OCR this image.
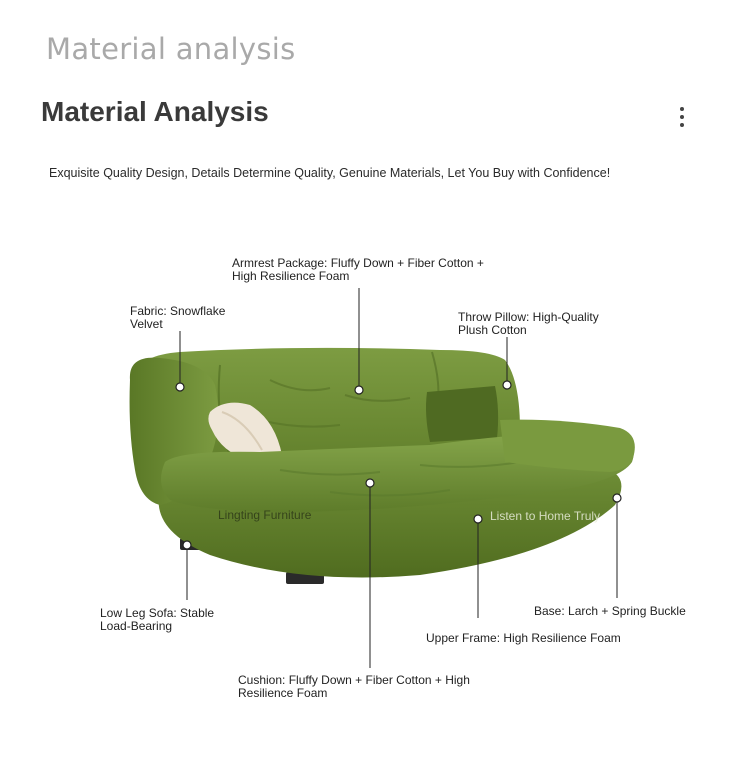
Material analysis
Material Analysis
Exquisite Quality Design, Details Determine Quality, Genuine Materials, Let You Buy with Confidence!
Lingting Furniture	Listen to Home Truly
Armrest Package: Fluffy Down + Fiber Cotton +
High Resilience Foam
Fabric: Snowflake
Velvet	Throw Pillow: High-Quality
Plush Cotton
Low Leg Sofa: Stable
Load-Bearing
Base: Larch + Spring Buckle
Upper Frame: High Resilience Foam
Cushion: Fluffy Down + Fiber Cotton + High
Resilience Foam
